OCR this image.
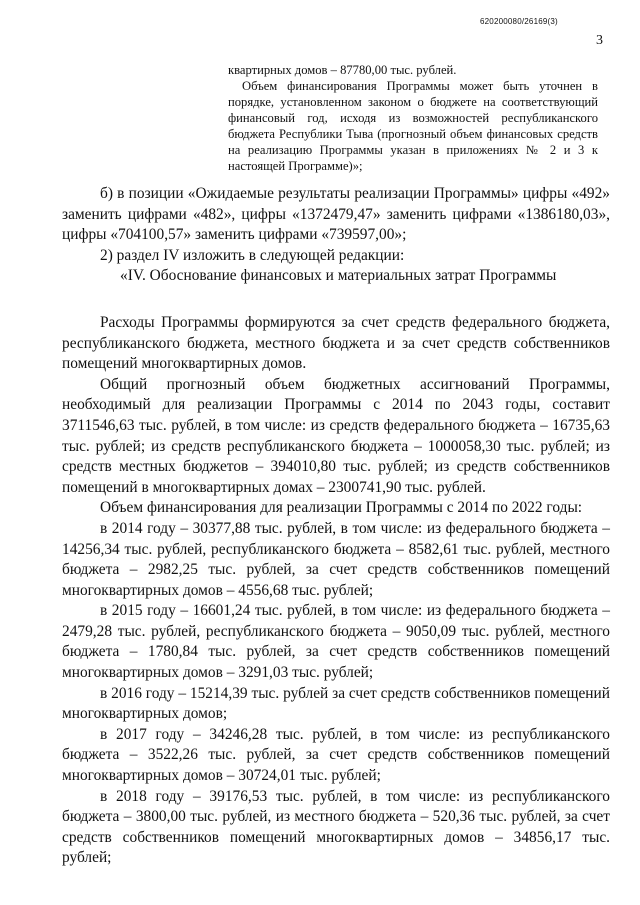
620200080/26169(3)
3

квартирных домов – 87780,00 тыс. рублей.

Объем финансирования Программы может быть уточнен в порядке, установленном законом о бюджете на соответствующий финансовый год, исходя из возможностей республиканского бюджета Республики Тыва (прогнозный объем финансовых средств на реализацию Программы указан в приложениях № 2 и 3 к настоящей Программе)»;

б) в позиции «Ожидаемые результаты реализации Программы» цифры «492» заменить цифрами «482», цифры «1372479,47» заменить цифрами «1386180,03», цифры «704100,57» заменить цифрами «739597,00»;

2) раздел IV изложить в следующей редакции:

«IV. Обоснование финансовых и материальных затрат Программы

Расходы Программы формируются за счет средств федерального бюджета, республиканского бюджета, местного бюджета и за счет средств собственников помещений многоквартирных домов.

Общий прогнозный объем бюджетных ассигнований Программы, необходимый для реализации Программы с 2014 по 2043 годы, составит 3711546,63 тыс. рублей, в том числе: из средств федерального бюджета – 16735,63 тыс. рублей; из средств республиканского бюджета – 1000058,30 тыс. рублей; из средств местных бюджетов – 394010,80 тыс. рублей; из средств собственников помещений в многоквартирных домах – 2300741,90 тыс. рублей.

Объем финансирования для реализации Программы с 2014 по 2022 годы:

в 2014 году – 30377,88 тыс. рублей, в том числе: из федерального бюджета – 14256,34 тыс. рублей, республиканского бюджета – 8582,61 тыс. рублей, местного бюджета – 2982,25 тыс. рублей, за счет средств собственников помещений многоквартирных домов – 4556,68 тыс. рублей;

в 2015 году – 16601,24 тыс. рублей, в том числе: из федерального бюджета – 2479,28 тыс. рублей, республиканского бюджета – 9050,09 тыс. рублей, местного бюджета – 1780,84 тыс. рублей, за счет средств собственников помещений многоквартирных домов – 3291,03 тыс. рублей;

в 2016 году – 15214,39 тыс. рублей за счет средств собственников помещений многоквартирных домов;

в 2017 году – 34246,28 тыс. рублей, в том числе: из республиканского бюджета – 3522,26 тыс. рублей, за счет средств собственников помещений многоквартирных домов – 30724,01 тыс. рублей;

в 2018 году – 39176,53 тыс. рублей, в том числе: из республиканского бюджета – 3800,00 тыс. рублей, из местного бюджета – 520,36 тыс. рублей, за счет средств собственников помещений многоквартирных домов – 34856,17 тыс. рублей;
